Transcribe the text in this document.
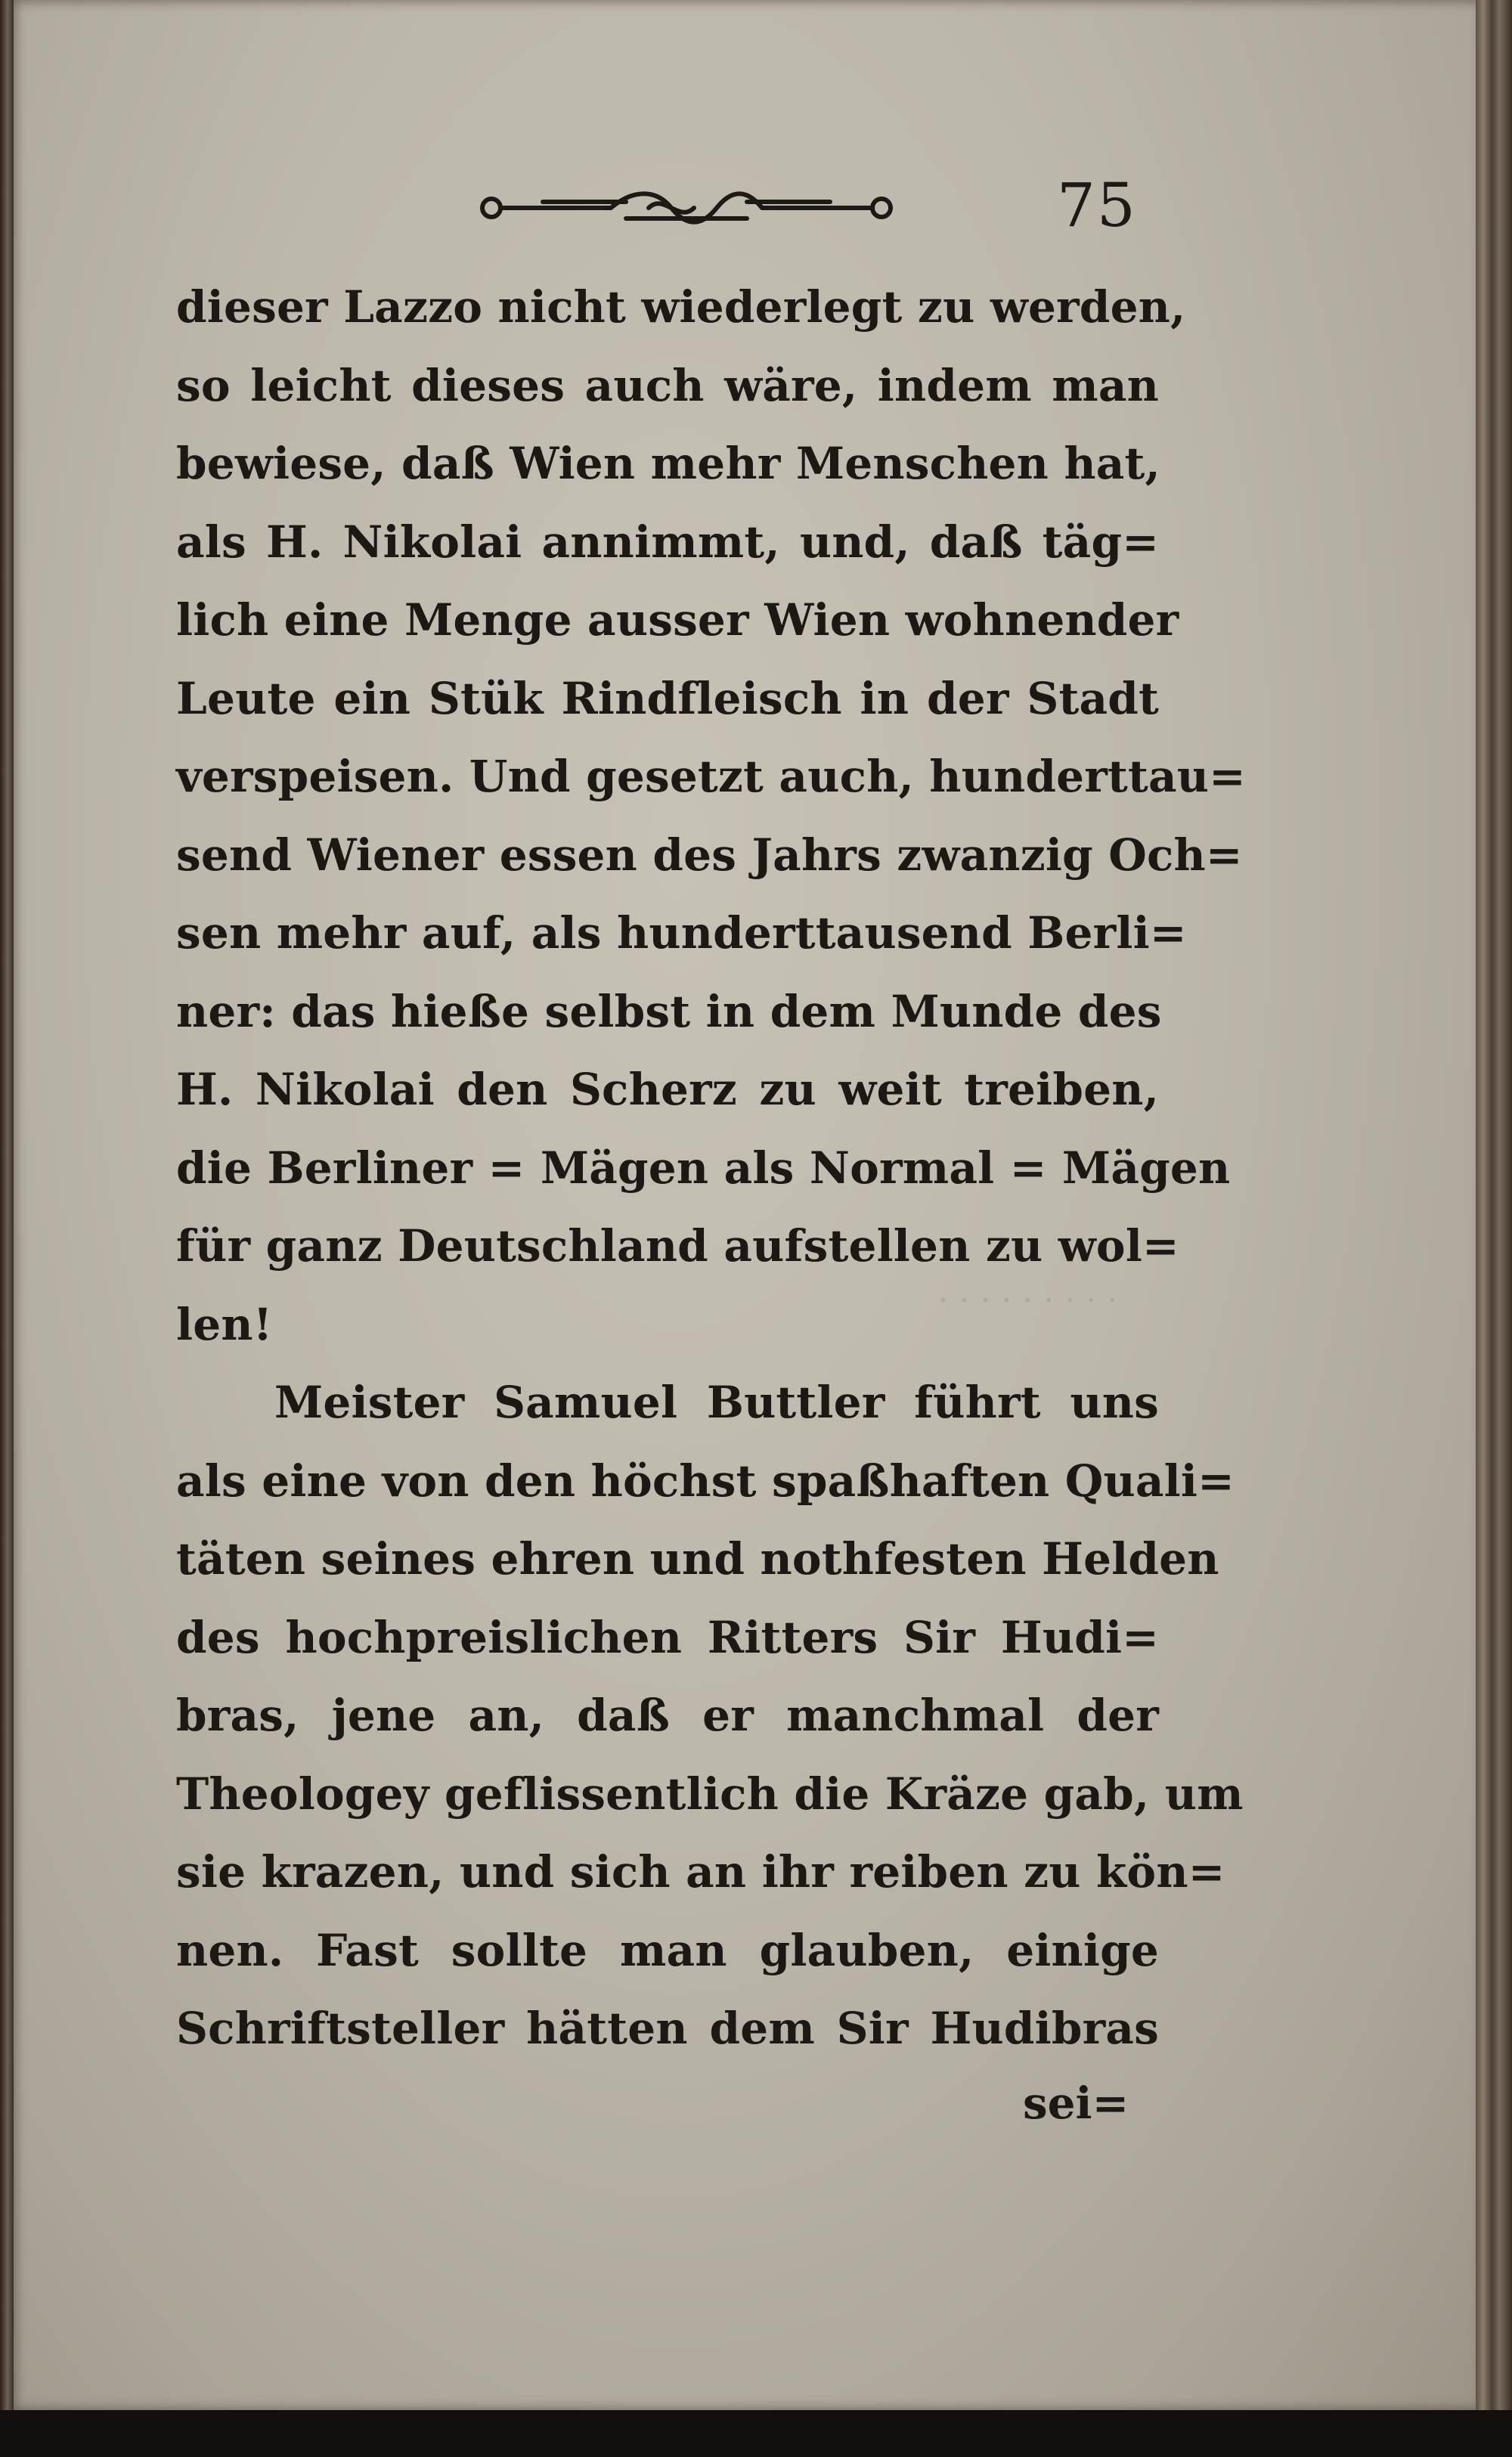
75
· · · · · · · · ·
dieser Lazzo nicht wiederlegt zu werden,
so leicht dieses auch wäre, indem man
bewiese, daß Wien mehr Menschen hat,
als H. Nikolai annimmt, und, daß täg=
lich eine Menge ausser Wien wohnender
Leute ein Stük Rindfleisch in der Stadt
verspeisen. Und gesetzt auch, hunderttau=
send Wiener essen des Jahrs zwanzig Och=
sen mehr auf, als hunderttausend Berli=
ner: das hieße selbst in dem Munde des
H. Nikolai den Scherz zu weit treiben,
die Berliner = Mägen als Normal = Mägen
für ganz Deutschland aufstellen zu wol=
len!
Meister Samuel Buttler führt uns
als eine von den höchst spaßhaften Quali=
täten seines ehren und nothfesten Helden
des hochpreislichen Ritters Sir Hudi=
bras, jene an, daß er manchmal der
Theologey geflissentlich die Kräze gab, um
sie krazen, und sich an ihr reiben zu kön=
nen. Fast sollte man glauben, einige
Schriftsteller hätten dem Sir Hudibras
sei=
